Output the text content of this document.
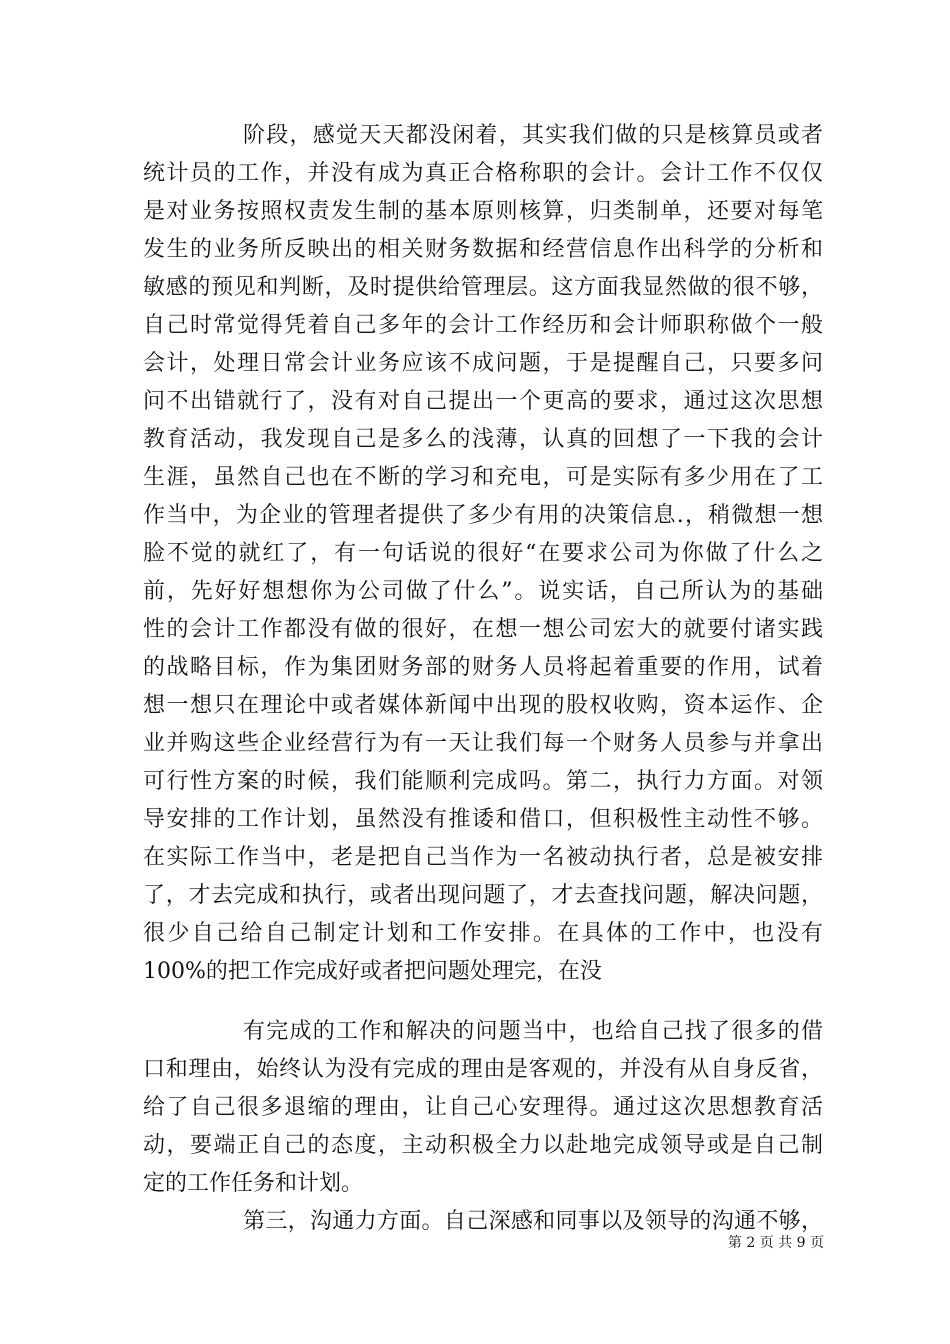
阶段，感觉天天都没闲着，其实我们做的只是核算员或者
统计员的工作，并没有成为真正合格称职的会计。会计工作不仅仅
是对业务按照权责发生制的基本原则核算，归类制单，还要对每笔
发生的业务所反映出的相关财务数据和经营信息作出科学的分析和
敏感的预见和判断，及时提供给管理层。这方面我显然做的很不够，
自己时常觉得凭着自己多年的会计工作经历和会计师职称做个一般
会计，处理日常会计业务应该不成问题，于是提醒自己，只要多问
问不出错就行了，没有对自己提出一个更高的要求，通过这次思想
教育活动，我发现自己是多么的浅薄，认真的回想了一下我的会计
生涯，虽然自己也在不断的学习和充电，可是实际有多少用在了工
作当中，为企业的管理者提供了多少有用的决策信息.，稍微想一想
脸不觉的就红了，有一句话说的很好“在要求公司为你做了什么之
前，先好好想想你为公司做了什么”。说实话，自己所认为的基础
性的会计工作都没有做的很好，在想一想公司宏大的就要付诸实践
的战略目标，作为集团财务部的财务人员将起着重要的作用，试着
想一想只在理论中或者媒体新闻中出现的股权收购，资本运作、企
业并购这些企业经营行为有一天让我们每一个财务人员参与并拿出
可行性方案的时候，我们能顺利完成吗。第二，执行力方面。对领
导安排的工作计划，虽然没有推诿和借口，但积极性主动性不够。
在实际工作当中，老是把自己当作为一名被动执行者，总是被安排
了，才去完成和执行，或者出现问题了，才去查找问题，解决问题，
很少自己给自己制定计划和工作安排。在具体的工作中，也没有
100%的把工作完成好或者把问题处理完，在没
有完成的工作和解决的问题当中，也给自己找了很多的借
口和理由，始终认为没有完成的理由是客观的，并没有从自身反省，
给了自己很多退缩的理由，让自己心安理得。通过这次思想教育活
动，要端正自己的态度，主动积极全力以赴地完成领导或是自己制
定的工作任务和计划。
第三，沟通力方面。自己深感和同事以及领导的沟通不够，
第 2 页 共 9 页
